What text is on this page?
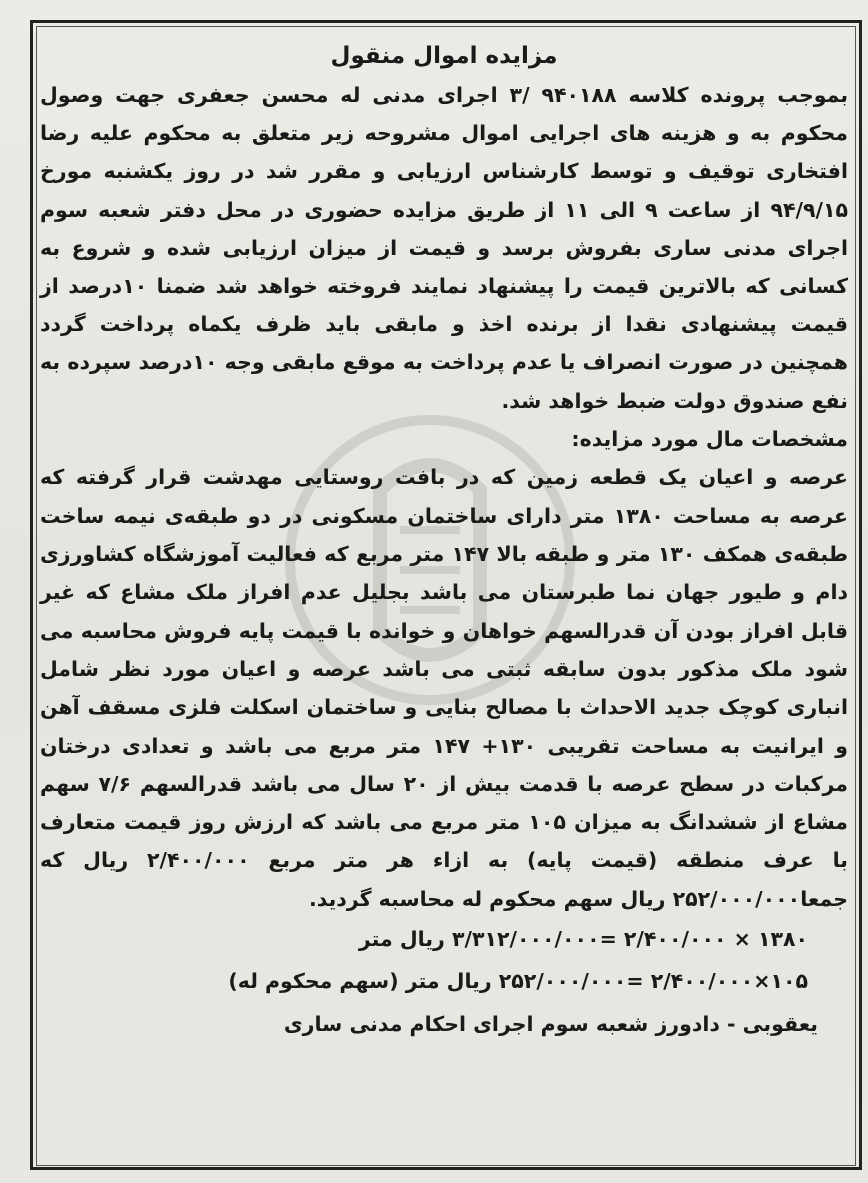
مزایده اموال منقول

بموجب پرونده کلاسه ۹۴۰۱۸۸ /۳ اجرای مدنی له محسن جعفری جهت وصول محکوم به و هزینه های اجرایی اموال مشروحه زیر متعلق به محکوم علیه رضا افتخاری توقیف و توسط کارشناس ارزیابی و مقرر شد در روز یکشنبه مورخ ۹۴/۹/۱۵ از ساعت ۹ الی ۱۱ از طریق مزایده حضوری در محل دفتر شعبه سوم اجرای مدنی ساری بفروش برسد و قیمت از میزان ارزیابی شده و شروع به کسانی که بالاترین قیمت را پیشنهاد نمایند فروخته خواهد شد ضمنا ۱۰درصد از قیمت پیشنهادی نقدا از برنده اخذ و مابقی باید ظرف یکماه پرداخت گردد همچنین در صورت انصراف یا عدم پرداخت به موقع مابقی وجه ۱۰درصد سپرده به نفع صندوق دولت ضبط خواهد شد.

مشخصات مال مورد مزایده:

عرصه و اعیان یک قطعه زمین که در بافت روستایی مهدشت قرار گرفته که عرصه به مساحت ۱۳۸۰ متر دارای ساختمان مسکونی در دو طبقه‌ی نیمه ساخت طبقه‌ی همکف ۱۳۰ متر و طبقه بالا ۱۴۷ متر مربع که فعالیت آموزشگاه کشاورزی دام و طیور جهان نما طبرستان می باشد بجلیل عدم افراز ملک مشاع که غیر قابل افراز بودن آن قدرالسهم خواهان و خوانده با قیمت پایه فروش محاسبه می شود ملک مذکور بدون سابقه ثبتی می باشد عرصه و اعیان مورد نظر شامل انباری کوچک جدید الاحداث با مصالح بنایی و ساختمان اسکلت فلزی مسقف آهن و ایرانیت به مساحت تقریبی ۱۳۰+ ۱۴۷ متر مربع می باشد و تعدادی درختان مرکبات در سطح عرصه با قدمت بیش از ۲۰ سال می باشد قدرالسهم ۷/۶ سهم مشاع از ششدانگ به میزان ۱۰۵ متر مربع می باشد که ارزش روز قیمت متعارف با عرف منطقه (قیمت پایه) به ازاء هر متر مربع ۲/۴۰۰/۰۰۰ ریال که جمعا۲۵۲/۰۰۰/۰۰۰ ریال سهم محکوم له محاسبه گردید.

۱۳۸۰ × ۲/۴۰۰/۰۰۰ =۳/۳۱۲/۰۰۰/۰۰۰ ریال متر

۱۰۵×۲/۴۰۰/۰۰۰ =۲۵۲/۰۰۰/۰۰۰ ریال متر (سهم محکوم له)

یعقوبی - دادورز شعبه سوم اجرای احکام مدنی ساری
